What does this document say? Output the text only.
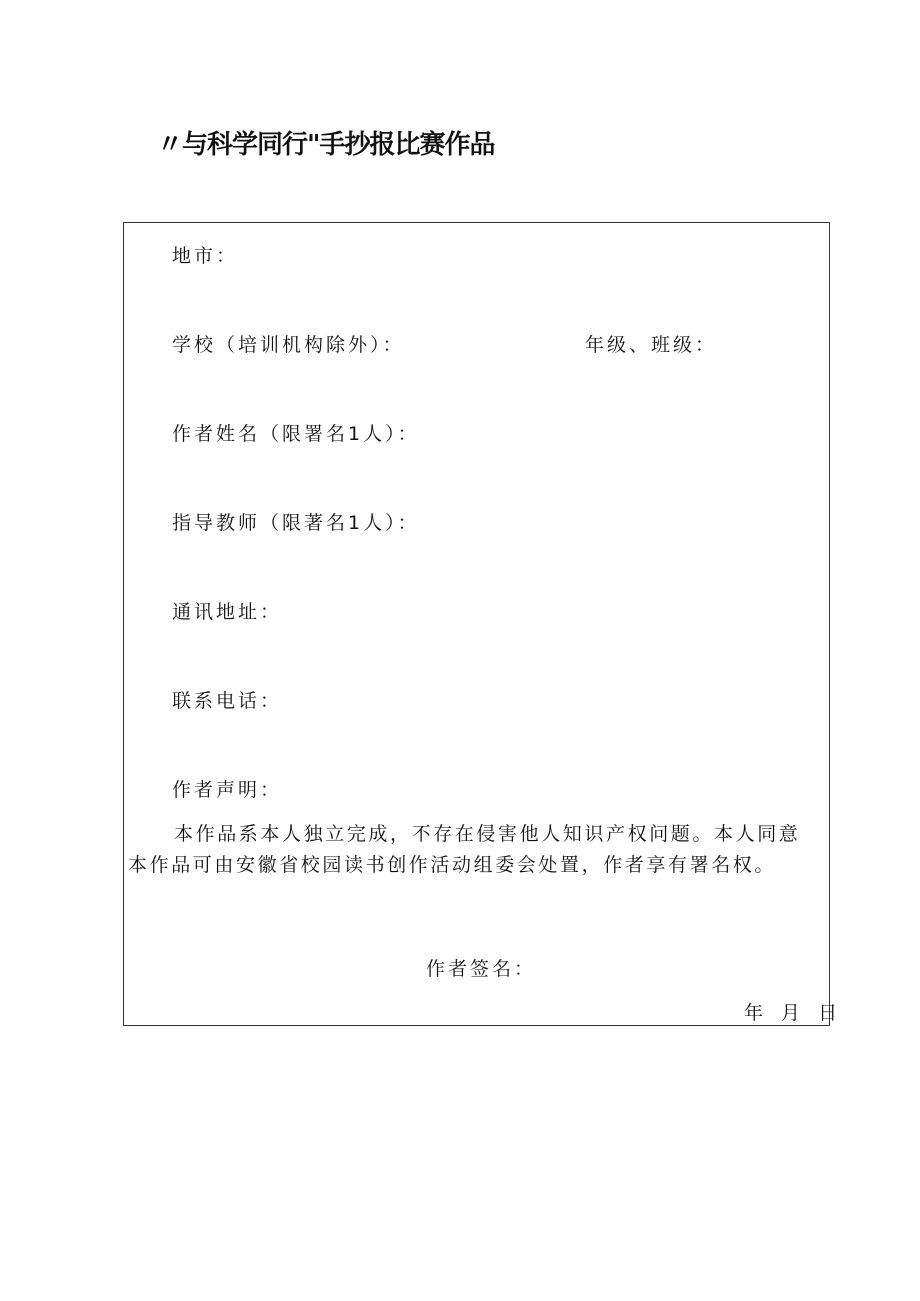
〃与科学同行"手抄报比赛作品
地市：
学校（培训机构除外）：	年级、班级：
作者姓名（限署名1人）：
指导教师（限著名1人）：
通讯地址：
联系电话：
作者声明：
本作品系本人独立完成，不存在侵害他人知识产权问题。本人同意 本作品可由安徽省校园读书创作活动组委会处置，作者享有署名权。
作者签名：
年 月 日
